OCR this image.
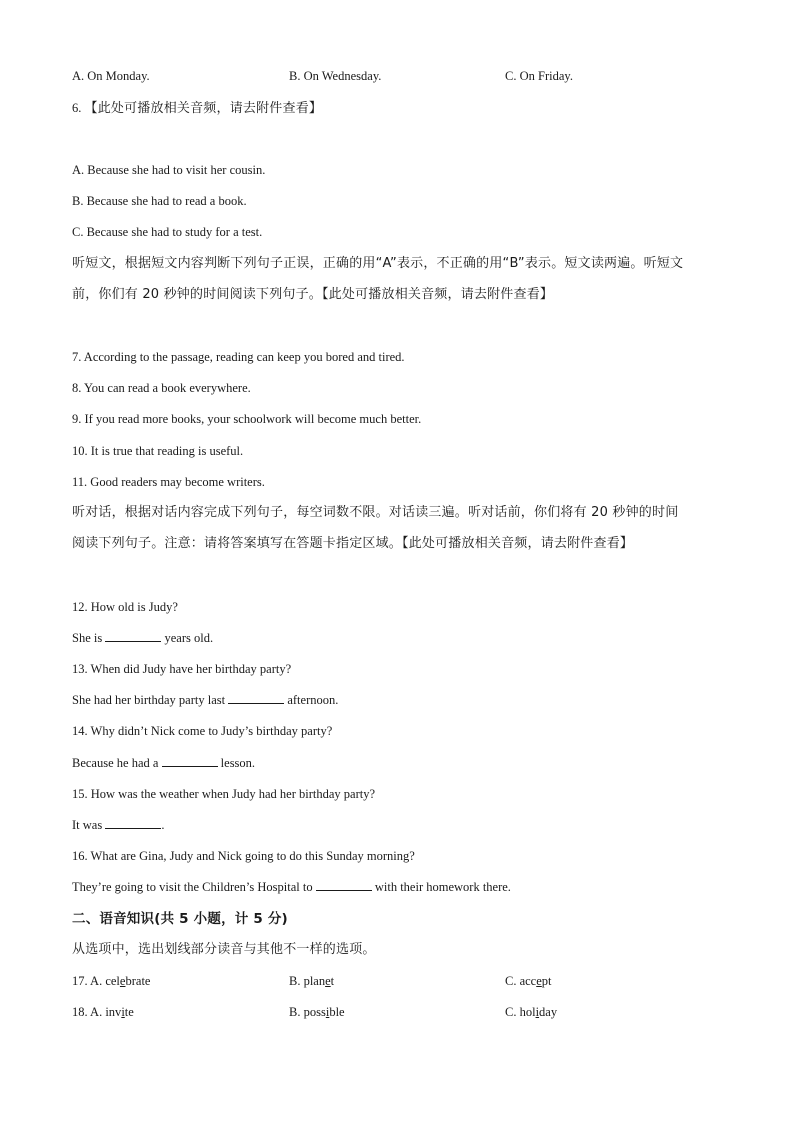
A. On Monday.	B. On Wednesday.	C. On Friday.
6. 【此处可播放相关音频，请去附件查看】
A. Because she had to visit her cousin.
B. Because she had to read a book.
C. Because she had to study for a test.
听短文，根据短文内容判断下列句子正误，正确的用“A”表示，不正确的用“B”表示。短文读两遍。听短文
前，你们有 20 秒钟的时间阅读下列句子。【此处可播放相关音频，请去附件查看】
7. According to the passage, reading can keep you bored and tired.
8. You can read a book everywhere.
9. If you read more books, your schoolwork will become much better.
10. It is true that reading is useful.
11. Good readers may become writers.
听对话，根据对话内容完成下列句子，每空词数不限。对话读三遍。听对话前，你们将有 20 秒钟的时间
阅读下列句子。注意：请将答案填写在答题卡指定区域。【此处可播放相关音频，请去附件查看】
12. How old is Judy?
She is	years old.
13. When did Judy have her birthday party?
She had her birthday party last	afternoon.
14. Why didn’t Nick come to Judy’s birthday party?
Because he had a	lesson.
15. How was the weather when Judy had her birthday party?
It was	.
16. What are Gina, Judy and Nick going to do this Sunday morning?
They’re going to visit the Children’s Hospital to	with their homework there.
二、语音知识(共 5 小题，计 5 分)
从选项中，选出划线部分读音与其他不一样的选项。
17. A. celebrate	B. planet	C. accept
18. A. invite	B. possible	C. holiday
